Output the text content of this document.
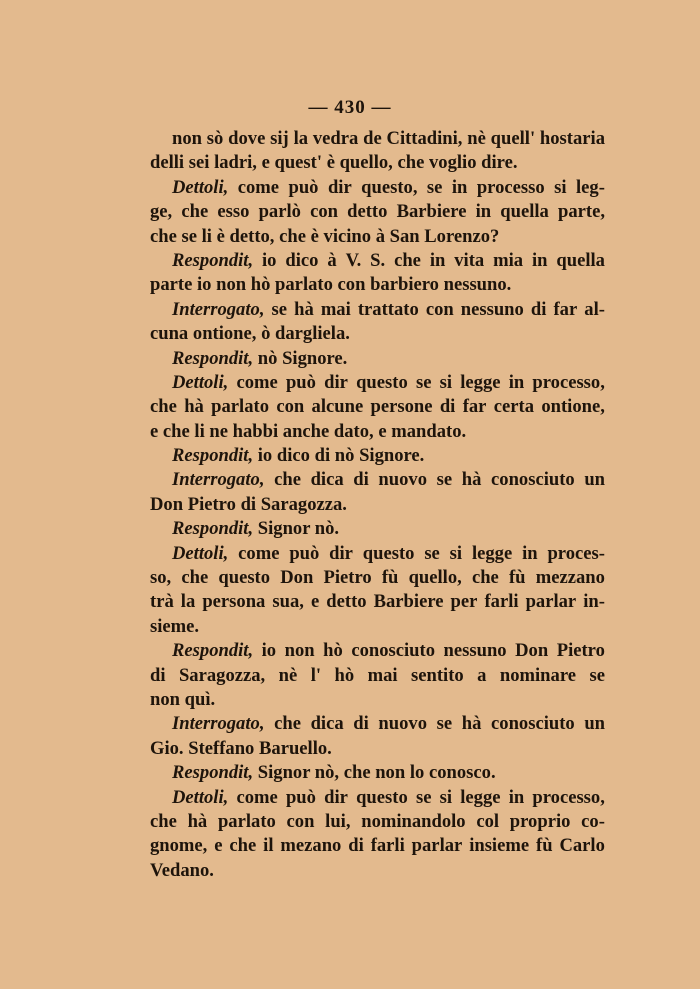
— 430 —
non sò dove sij la vedra de Cittadini, nè quell' hostaria
delli sei ladri, e quest' è quello, che voglio dire.
Dettoli, come può dir questo, se in processo si leg-
ge, che esso parlò con detto Barbiere in quella parte,
che se li è detto, che è vicino à San Lorenzo?
Respondit, io dico à V. S. che in vita mia in quella
parte io non hò parlato con barbiero nessuno.
Interrogato, se hà mai trattato con nessuno di far al-
cuna ontione, ò dargliela.
Respondit, nò Signore.
Dettoli, come può dir questo se si legge in processo,
che hà parlato con alcune persone di far certa ontione,
e che li ne habbi anche dato, e mandato.
Respondit, io dico di nò Signore.
Interrogato, che dica di nuovo se hà conosciuto un
Don Pietro di Saragozza.
Respondit, Signor nò.
Dettoli, come può dir questo se si legge in proces-
so, che questo Don Pietro fù quello, che fù mezzano
trà la persona sua, e detto Barbiere per farli parlar in-
sieme.
Respondit, io non hò conosciuto nessuno Don Pietro
di Saragozza, nè l' hò mai sentito a nominare se
non quì.
Interrogato, che dica di nuovo se hà conosciuto un
Gio. Steffano Baruello.
Respondit, Signor nò, che non lo conosco.
Dettoli, come può dir questo se si legge in processo,
che hà parlato con lui, nominandolo col proprio co-
gnome, e che il mezano di farli parlar insieme fù Carlo
Vedano.
